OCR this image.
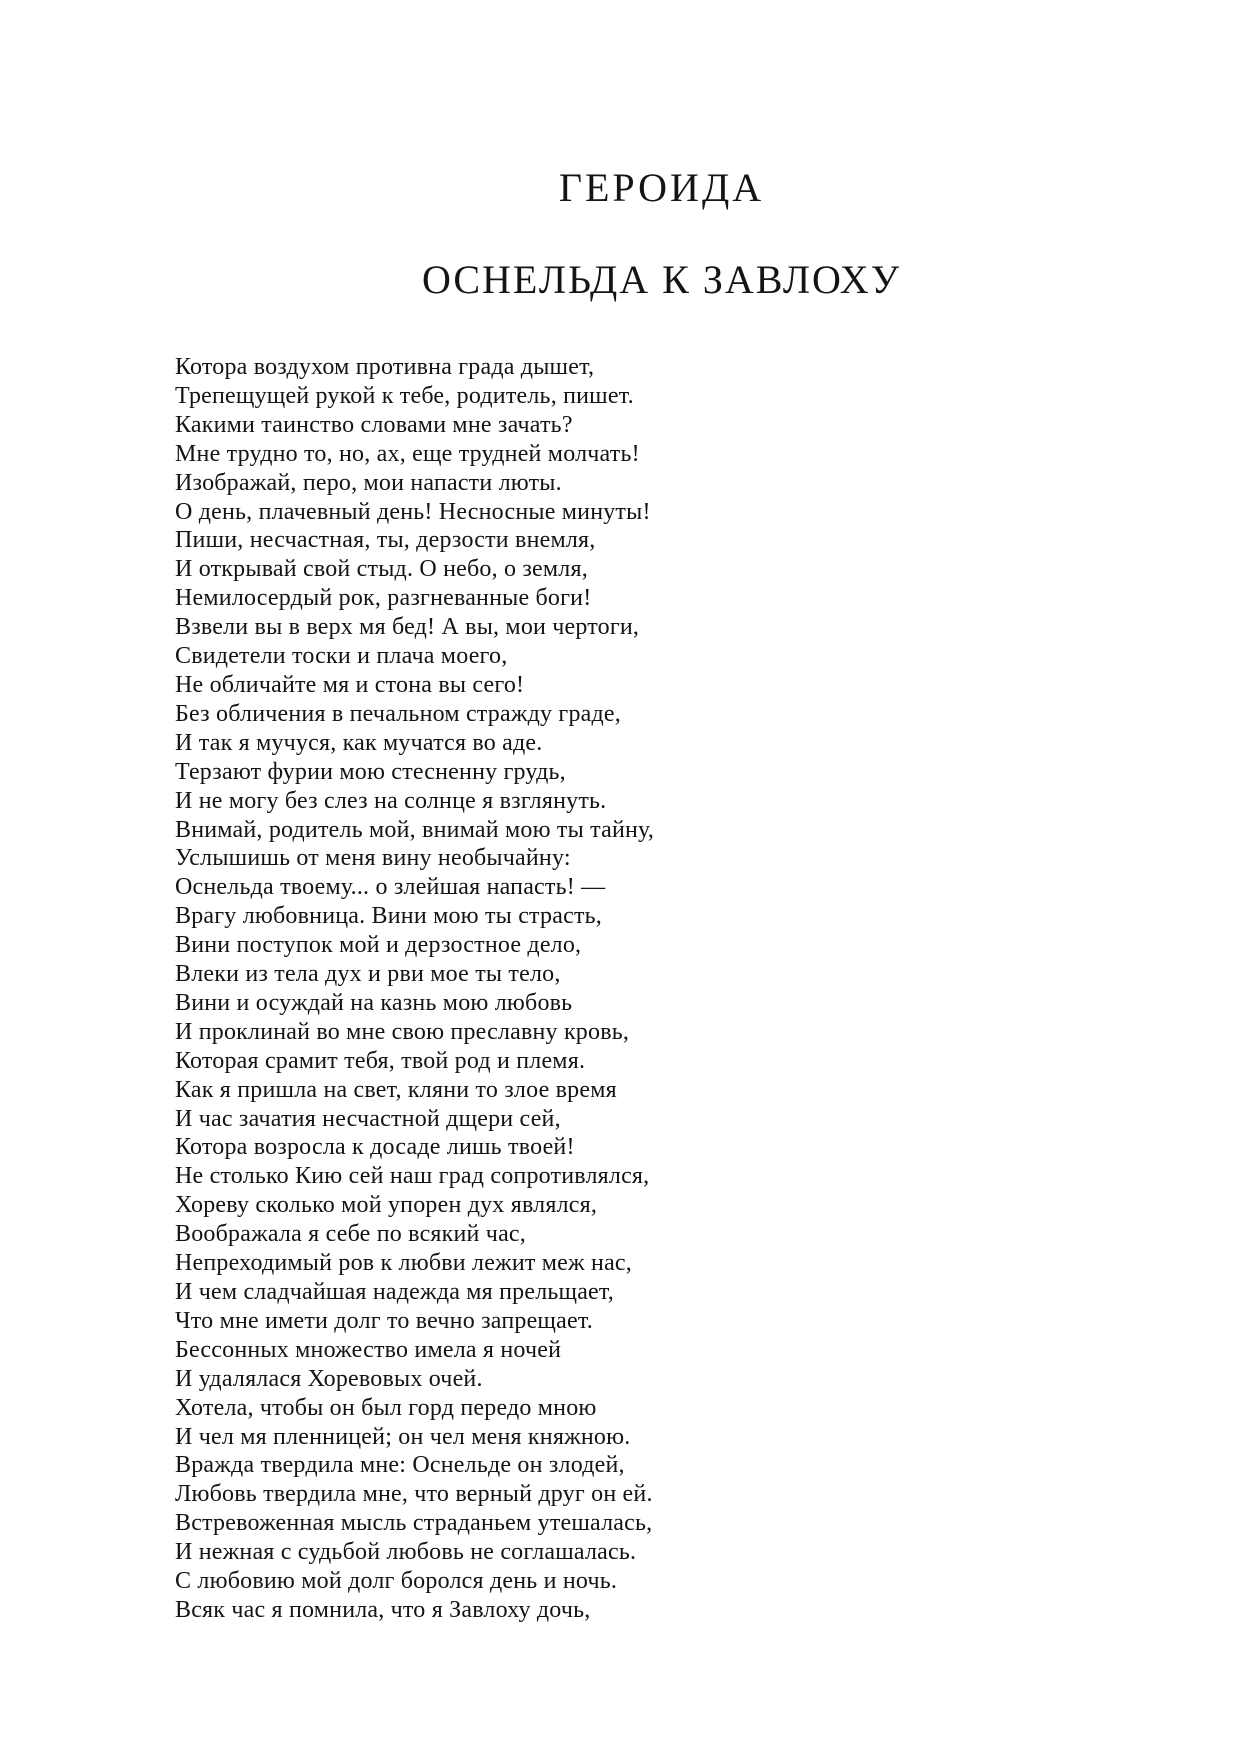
ГЕРОИДА
ОСНЕЛЬДА К ЗАВЛОХУ
Котора воздухом противна града дышет,
Трепещущей рукой к тебе, родитель, пишет.
Какими таинство словами мне зачать?
Мне трудно то, но, ах, еще трудней молчать!
Изображай, перо, мои напасти люты.
О день, плачевный день! Несносные минуты!
Пиши, несчастная, ты, дерзости внемля,
И открывай свой стыд. О небо, о земля,
Немилосердый рок, разгневанные боги!
Взвели вы в верх мя бед! А вы, мои чертоги,
Свидетели тоски и плача моего,
Не обличайте мя и стона вы сего!
Без обличения в печальном стражду граде,
И так я мучуся, как мучатся во аде.
Терзают фурии мою стесненну грудь,
И не могу без слез на солнце я взглянуть.
Внимай, родитель мой, внимай мою ты тайну,
Услышишь от меня вину необычайну:
Оснельда твоему... о злейшая напасть! —
Врагу любовница. Вини мою ты страсть,
Вини поступок мой и дерзостное дело,
Влеки из тела дух и рви мое ты тело,
Вини и осуждай на казнь мою любовь
И проклинай во мне свою преславну кровь,
Которая срамит тебя, твой род и племя.
Как я пришла на свет, кляни то злое время
И час зачатия несчастной дщери сей,
Котора возросла к досаде лишь твоей!
Не столько Кию сей наш град сопротивлялся,
Хореву сколько мой упорен дух являлся,
Воображала я себе по всякий час,
Непреходимый ров к любви лежит меж нас,
И чем сладчайшая надежда мя прельщает,
Что мне имети долг то вечно запрещает.
Бессонных множество имела я ночей
И удалялася Хоревовых очей.
Хотела, чтобы он был горд передо мною
И чел мя пленницей; он чел меня княжною.
Вражда твердила мне: Оснельде он злодей,
Любовь твердила мне, что верный друг он ей.
Встревоженная мысль страданьем утешалась,
И нежная с судьбой любовь не соглашалась.
С любовию мой долг боролся день и ночь.
Всяк час я помнила, что я Завлоху дочь,
